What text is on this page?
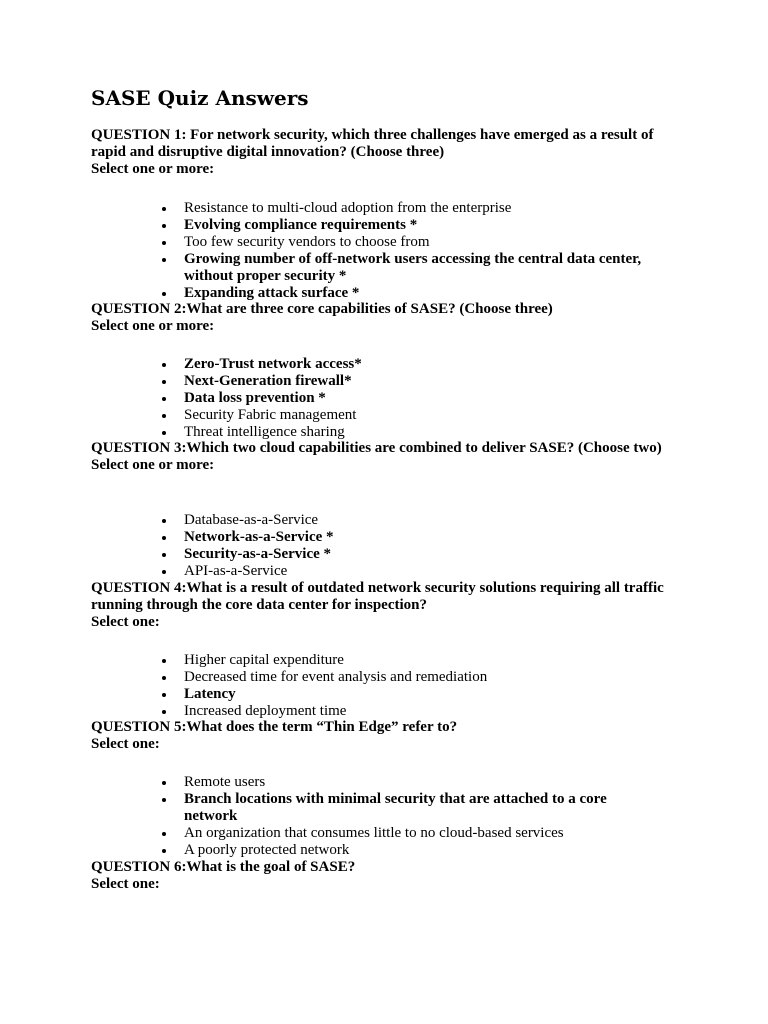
SASE Quiz Answers

QUESTION 1: For network security, which three challenges have emerged as a result of rapid and disruptive digital innovation? (Choose three)

Select one or more:

Resistance to multi-cloud adoption from the enterprise
Evolving compliance requirements *
Too few security vendors to choose from
Growing number of off-network users accessing the central data center, without proper security *
Expanding attack surface *

QUESTION 2:What are three core capabilities of SASE? (Choose three)

Select one or more:

Zero-Trust network access*
Next-Generation firewall*
Data loss prevention *
Security Fabric management
Threat intelligence sharing

QUESTION 3:Which two cloud capabilities are combined to deliver SASE? (Choose two)

Select one or more:

Database-as-a-Service
Network-as-a-Service *
Security-as-a-Service *
API-as-a-Service

QUESTION 4:What is a result of outdated network security solutions requiring all traffic running through the core data center for inspection?

Select one:

Higher capital expenditure
Decreased time for event analysis and remediation
Latency
Increased deployment time

QUESTION 5:What does the term “Thin Edge” refer to?

Select one:

Remote users
Branch locations with minimal security that are attached to a core network
An organization that consumes little to no cloud-based services
A poorly protected network

QUESTION 6:What is the goal of SASE?

Select one:
